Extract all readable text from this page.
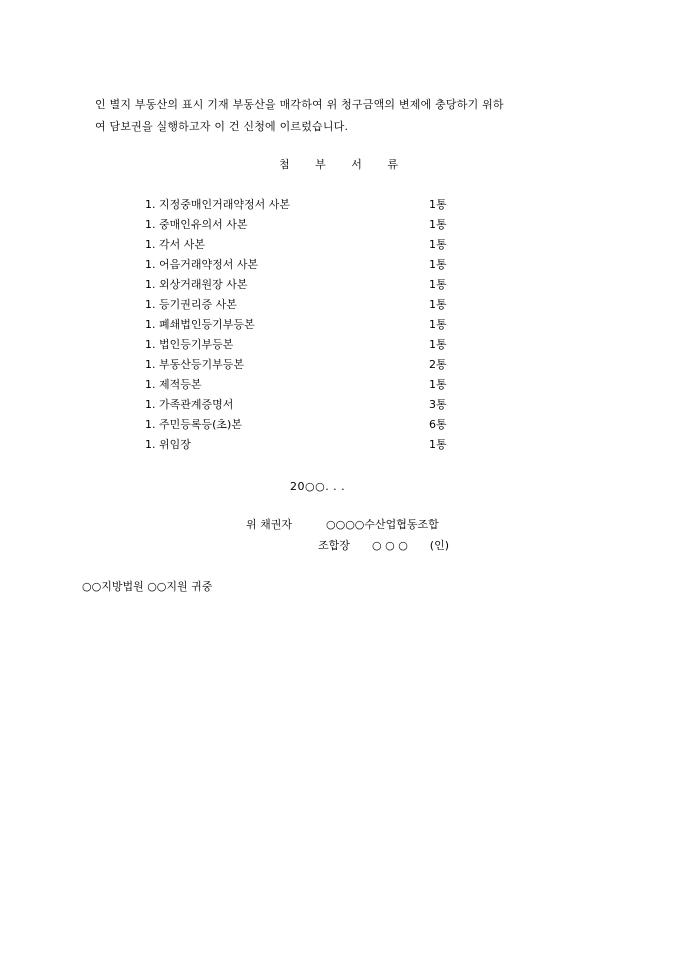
인 별지 부동산의 표시 기재 부동산을 매각하여 위 청구금액의 변제에 충당하기 위하
여 담보권을 실행하고자 이 건 신청에 이르렀습니다.
첨 부 서 류
1. 지정중매인거래약정서 사본	1통
1. 중매인유의서 사본	1통
1. 각서 사본	1통
1. 어음거래약정서 사본	1통
1. 외상거래원장 사본	1통
1. 등기권리증 사본	1통
1. 폐쇄법인등기부등본	1통
1. 법인등기부등본	1통
1. 부동산등기부등본	2통
1. 제적등본	1통
1. 가족관계증명서	3통
1. 주민등록등(초)본	6통
1. 위임장	1통
20○○. . .
위 채권자	○○○○수산업협동조합
조합장 ○ ○ ○ (인)
○○지방법원 ○○지원 귀중
